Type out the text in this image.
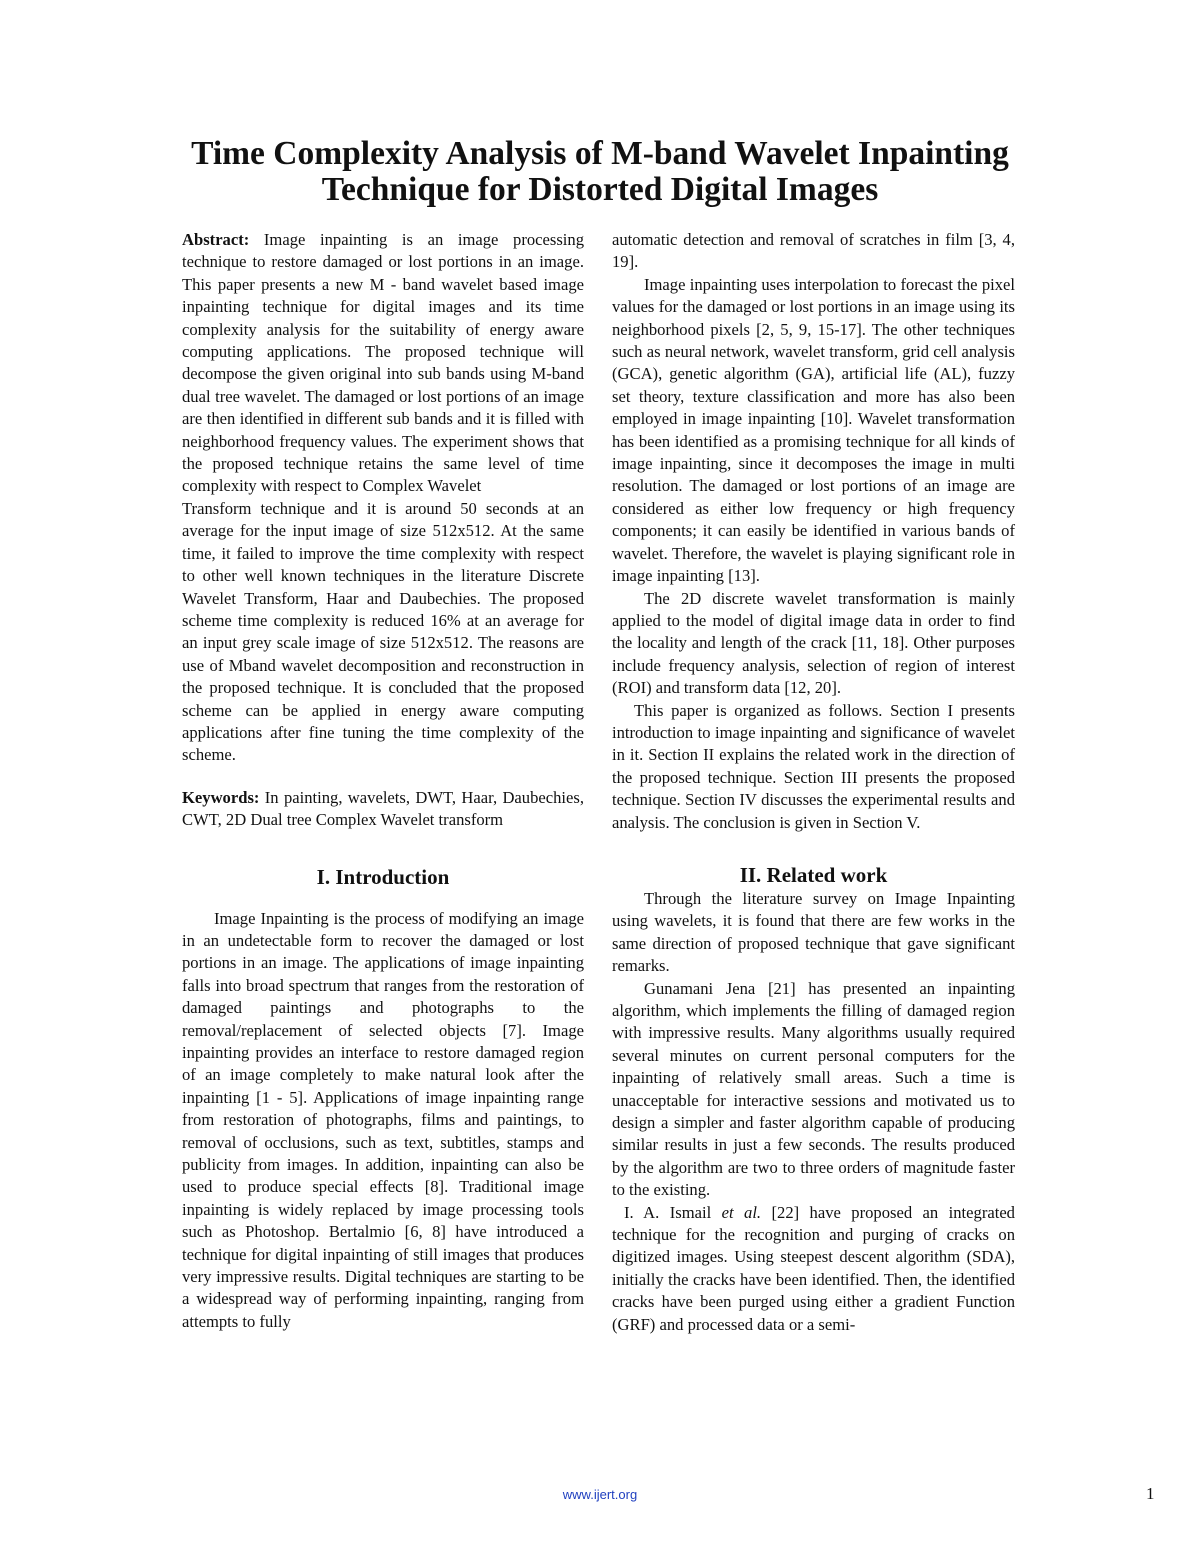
Time Complexity Analysis of M-band Wavelet Inpainting
Technique for Distorted Digital Images

Abstract: Image inpainting is an image processing technique to restore damaged or lost portions in an image. This paper presents a new M - band wavelet based image inpainting technique for digital images and its time complexity analysis for the suitability of energy aware computing applications. The proposed technique will decompose the given original into sub bands using M-band dual tree wavelet. The damaged or lost portions of an image are then identified in different sub bands and it is filled with neighborhood frequency values. The experiment shows that the proposed technique retains the same level of time complexity with respect to Complex Wavelet

Transform technique and it is around 50 seconds at an average for the input image of size 512x512. At the same time, it failed to improve the time complexity with respect to other well known techniques in the literature Discrete Wavelet Transform, Haar and Daubechies. The proposed scheme time complexity is reduced 16% at an average for an input grey scale image of size 512x512. The reasons are use of Mband wavelet decomposition and reconstruction in the proposed technique. It is concluded that the proposed scheme can be applied in energy aware computing applications after fine tuning the time complexity of the scheme.

Keywords: In painting, wavelets, DWT, Haar, Daubechies, CWT, 2D Dual tree Complex Wavelet transform

I. Introduction

Image Inpainting is the process of modifying an image in an undetectable form to recover the damaged or lost portions in an image. The applications of image inpainting falls into broad spectrum that ranges from the restoration of damaged paintings and photographs to the removal/replacement of selected objects [7]. Image inpainting provides an interface to restore damaged region of an image completely to make natural look after the inpainting [1 - 5]. Applications of image inpainting range from restoration of photographs, films and paintings, to removal of occlusions, such as text, subtitles, stamps and publicity from images. In addition, inpainting can also be used to produce special effects [8]. Traditional image inpainting is widely replaced by image processing tools such as Photoshop. Bertalmio [6, 8] have introduced a technique for digital inpainting of still images that produces very impressive results. Digital techniques are starting to be a widespread way of performing inpainting, ranging from attempts to fully

automatic detection and removal of scratches in film [3, 4, 19].

Image inpainting uses interpolation to forecast the pixel values for the damaged or lost portions in an image using its neighborhood pixels [2, 5, 9, 15-17]. The other techniques such as neural network, wavelet transform, grid cell analysis (GCA), genetic algorithm (GA), artificial life (AL), fuzzy set theory, texture classification and more has also been employed in image inpainting [10]. Wavelet transformation has been identified as a promising technique for all kinds of image inpainting, since it decomposes the image in multi resolution. The damaged or lost portions of an image are considered as either low frequency or high frequency components; it can easily be identified in various bands of wavelet. Therefore, the wavelet is playing significant role in image inpainting [13].

The 2D discrete wavelet transformation is mainly applied to the model of digital image data in order to find the locality and length of the crack [11, 18]. Other purposes include frequency analysis, selection of region of interest (ROI) and transform data [12, 20].

This paper is organized as follows. Section I presents introduction to image inpainting and significance of wavelet in it. Section II explains the related work in the direction of the proposed technique. Section III presents the proposed technique. Section IV discusses the experimental results and analysis. The conclusion is given in Section V.

II. Related work

Through the literature survey on Image Inpainting using wavelets, it is found that there are few works in the same direction of proposed technique that gave significant remarks.

Gunamani Jena [21] has presented an inpainting algorithm, which implements the filling of damaged region with impressive results. Many algorithms usually required several minutes on current personal computers for the inpainting of relatively small areas. Such a time is unacceptable for interactive sessions and motivated us to design a simpler and faster algorithm capable of producing similar results in just a few seconds. The results produced by the algorithm are two to three orders of magnitude faster to the existing.

I. A. Ismail et al. [22] have proposed an integrated technique for the recognition and purging of cracks on digitized images. Using steepest descent algorithm (SDA), initially the cracks have been identified. Then, the identified cracks have been purged using either a gradient Function (GRF) and processed data or a semi-

www.ijert.org	1
